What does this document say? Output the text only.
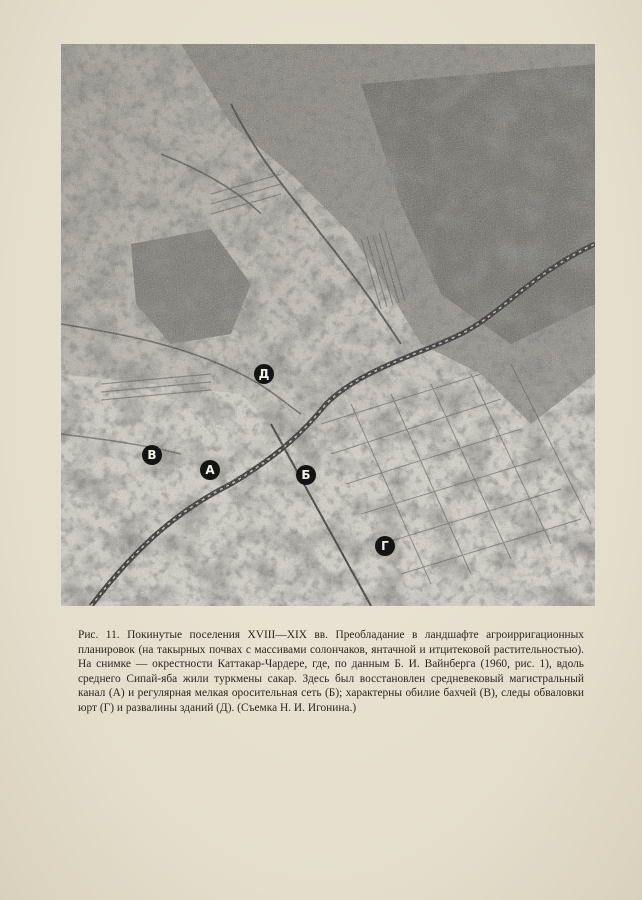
Д
В
А	Б
Г

Рис. 11. Покинутые поселения XVIII—XIX вв. Преобладание в ландшафте агроирригационных планировок (на такырных почвах с массивами солончаков, янтачной и итцитековой растительностью). На снимке — окрестности Каттакар-Чардере, где, по данным Б. И. Вайнберга (1960, рис. 1), вдоль среднего Сипай-яба жили туркмены сакар. Здесь был восстановлен средневековый магистральный канал (А) и регулярная мелкая оросительная сеть (Б); характерны обилие бахчей (В), следы обваловки юрт (Г) и развалины зданий (Д). (Съемка Н. И. Игонина.)
